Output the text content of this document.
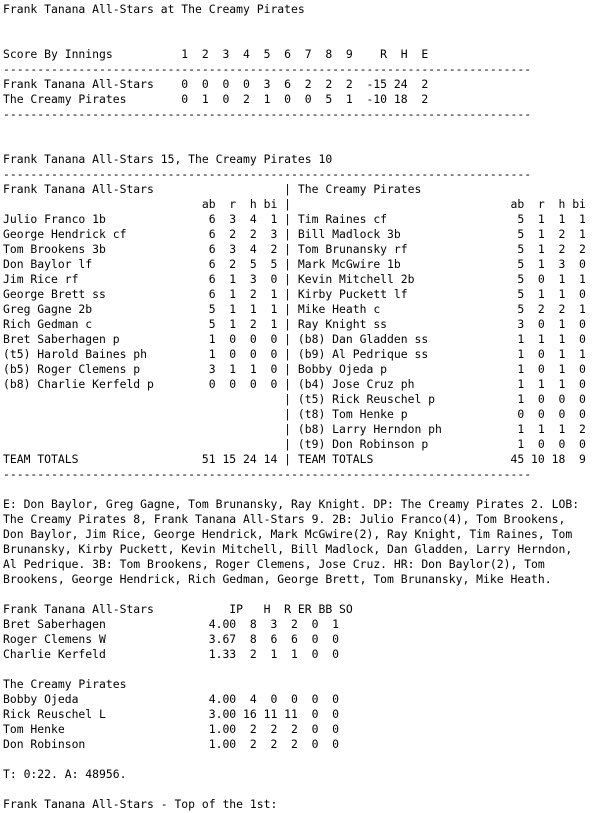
Frank Tanana All-Stars at The Creamy Pirates

Score By Innings          1  2  3  4  5  6  7  8  9    R  H  E
-----------------------------------------------------------------------------
Frank Tanana All-Stars    0  0  0  0  3  6  2  2  2  -15 24  2
The Creamy Pirates        0  1  0  2  1  0  0  5  1  -10 18  2
-----------------------------------------------------------------------------

Frank Tanana All-Stars 15, The Creamy Pirates 10
-----------------------------------------------------------------------------
Frank Tanana All-Stars                   | The Creamy Pirates
ab  r  h bi |                                ab  r  h bi
Julio Franco 1b               6  3  4  1 | Tim Raines cf                   5  1  1  1
George Hendrick cf            6  2  2  3 | Bill Madlock 3b                 5  1  2  1
Tom Brookens 3b               6  3  4  2 | Tom Brunansky rf                5  1  2  2
Don Baylor lf                 6  2  5  5 | Mark McGwire 1b                 5  1  3  0
Jim Rice rf                   6  1  3  0 | Kevin Mitchell 2b               5  0  1  1
George Brett ss               6  1  2  1 | Kirby Puckett lf                5  1  1  0
Greg Gagne 2b                 5  1  1  1 | Mike Heath c                    5  2  2  1
Rich Gedman c                 5  1  2  1 | Ray Knight ss                   3  0  1  0
Bret Saberhagen p             1  0  0  0 | (b8) Dan Gladden ss             1  1  1  0
(t5) Harold Baines ph         1  0  0  0 | (b9) Al Pedrique ss             1  0  1  1
(b5) Roger Clemens p          3  1  1  0 | Bobby Ojeda p                   1  0  1  0
(b8) Charlie Kerfeld p        0  0  0  0 | (b4) Jose Cruz ph               1  1  1  0
| (t5) Rick Reuschel p            1  0  0  0
| (t8) Tom Henke p                0  0  0  0
| (b8) Larry Herndon ph           1  1  1  2
| (t9) Don Robinson p             1  0  0  0
TEAM TOTALS                  51 15 24 14 | TEAM TOTALS                    45 10 18  9
-----------------------------------------------------------------------------

E: Don Baylor, Greg Gagne, Tom Brunansky, Ray Knight. DP: The Creamy Pirates 2. LOB:
The Creamy Pirates 8, Frank Tanana All-Stars 9. 2B: Julio Franco(4), Tom Brookens,
Don Baylor, Jim Rice, George Hendrick, Mark McGwire(2), Ray Knight, Tim Raines, Tom
Brunansky, Kirby Puckett, Kevin Mitchell, Bill Madlock, Dan Gladden, Larry Herndon,
Al Pedrique. 3B: Tom Brookens, Roger Clemens, Jose Cruz. HR: Don Baylor(2), Tom
Brookens, George Hendrick, Rich Gedman, George Brett, Tom Brunansky, Mike Heath.

Frank Tanana All-Stars           IP   H  R ER BB SO
Bret Saberhagen               4.00  8  3  2  0  1
Roger Clemens W               3.67  8  6  6  0  0
Charlie Kerfeld               1.33  2  1  1  0  0

The Creamy Pirates
Bobby Ojeda                   4.00  4  0  0  0  0
Rick Reuschel L               3.00 16 11 11  0  0
Tom Henke                     1.00  2  2  2  0  0
Don Robinson                  1.00  2  2  2  0  0

T: 0:22. A: 48956.

Frank Tanana All-Stars - Top of the 1st:
